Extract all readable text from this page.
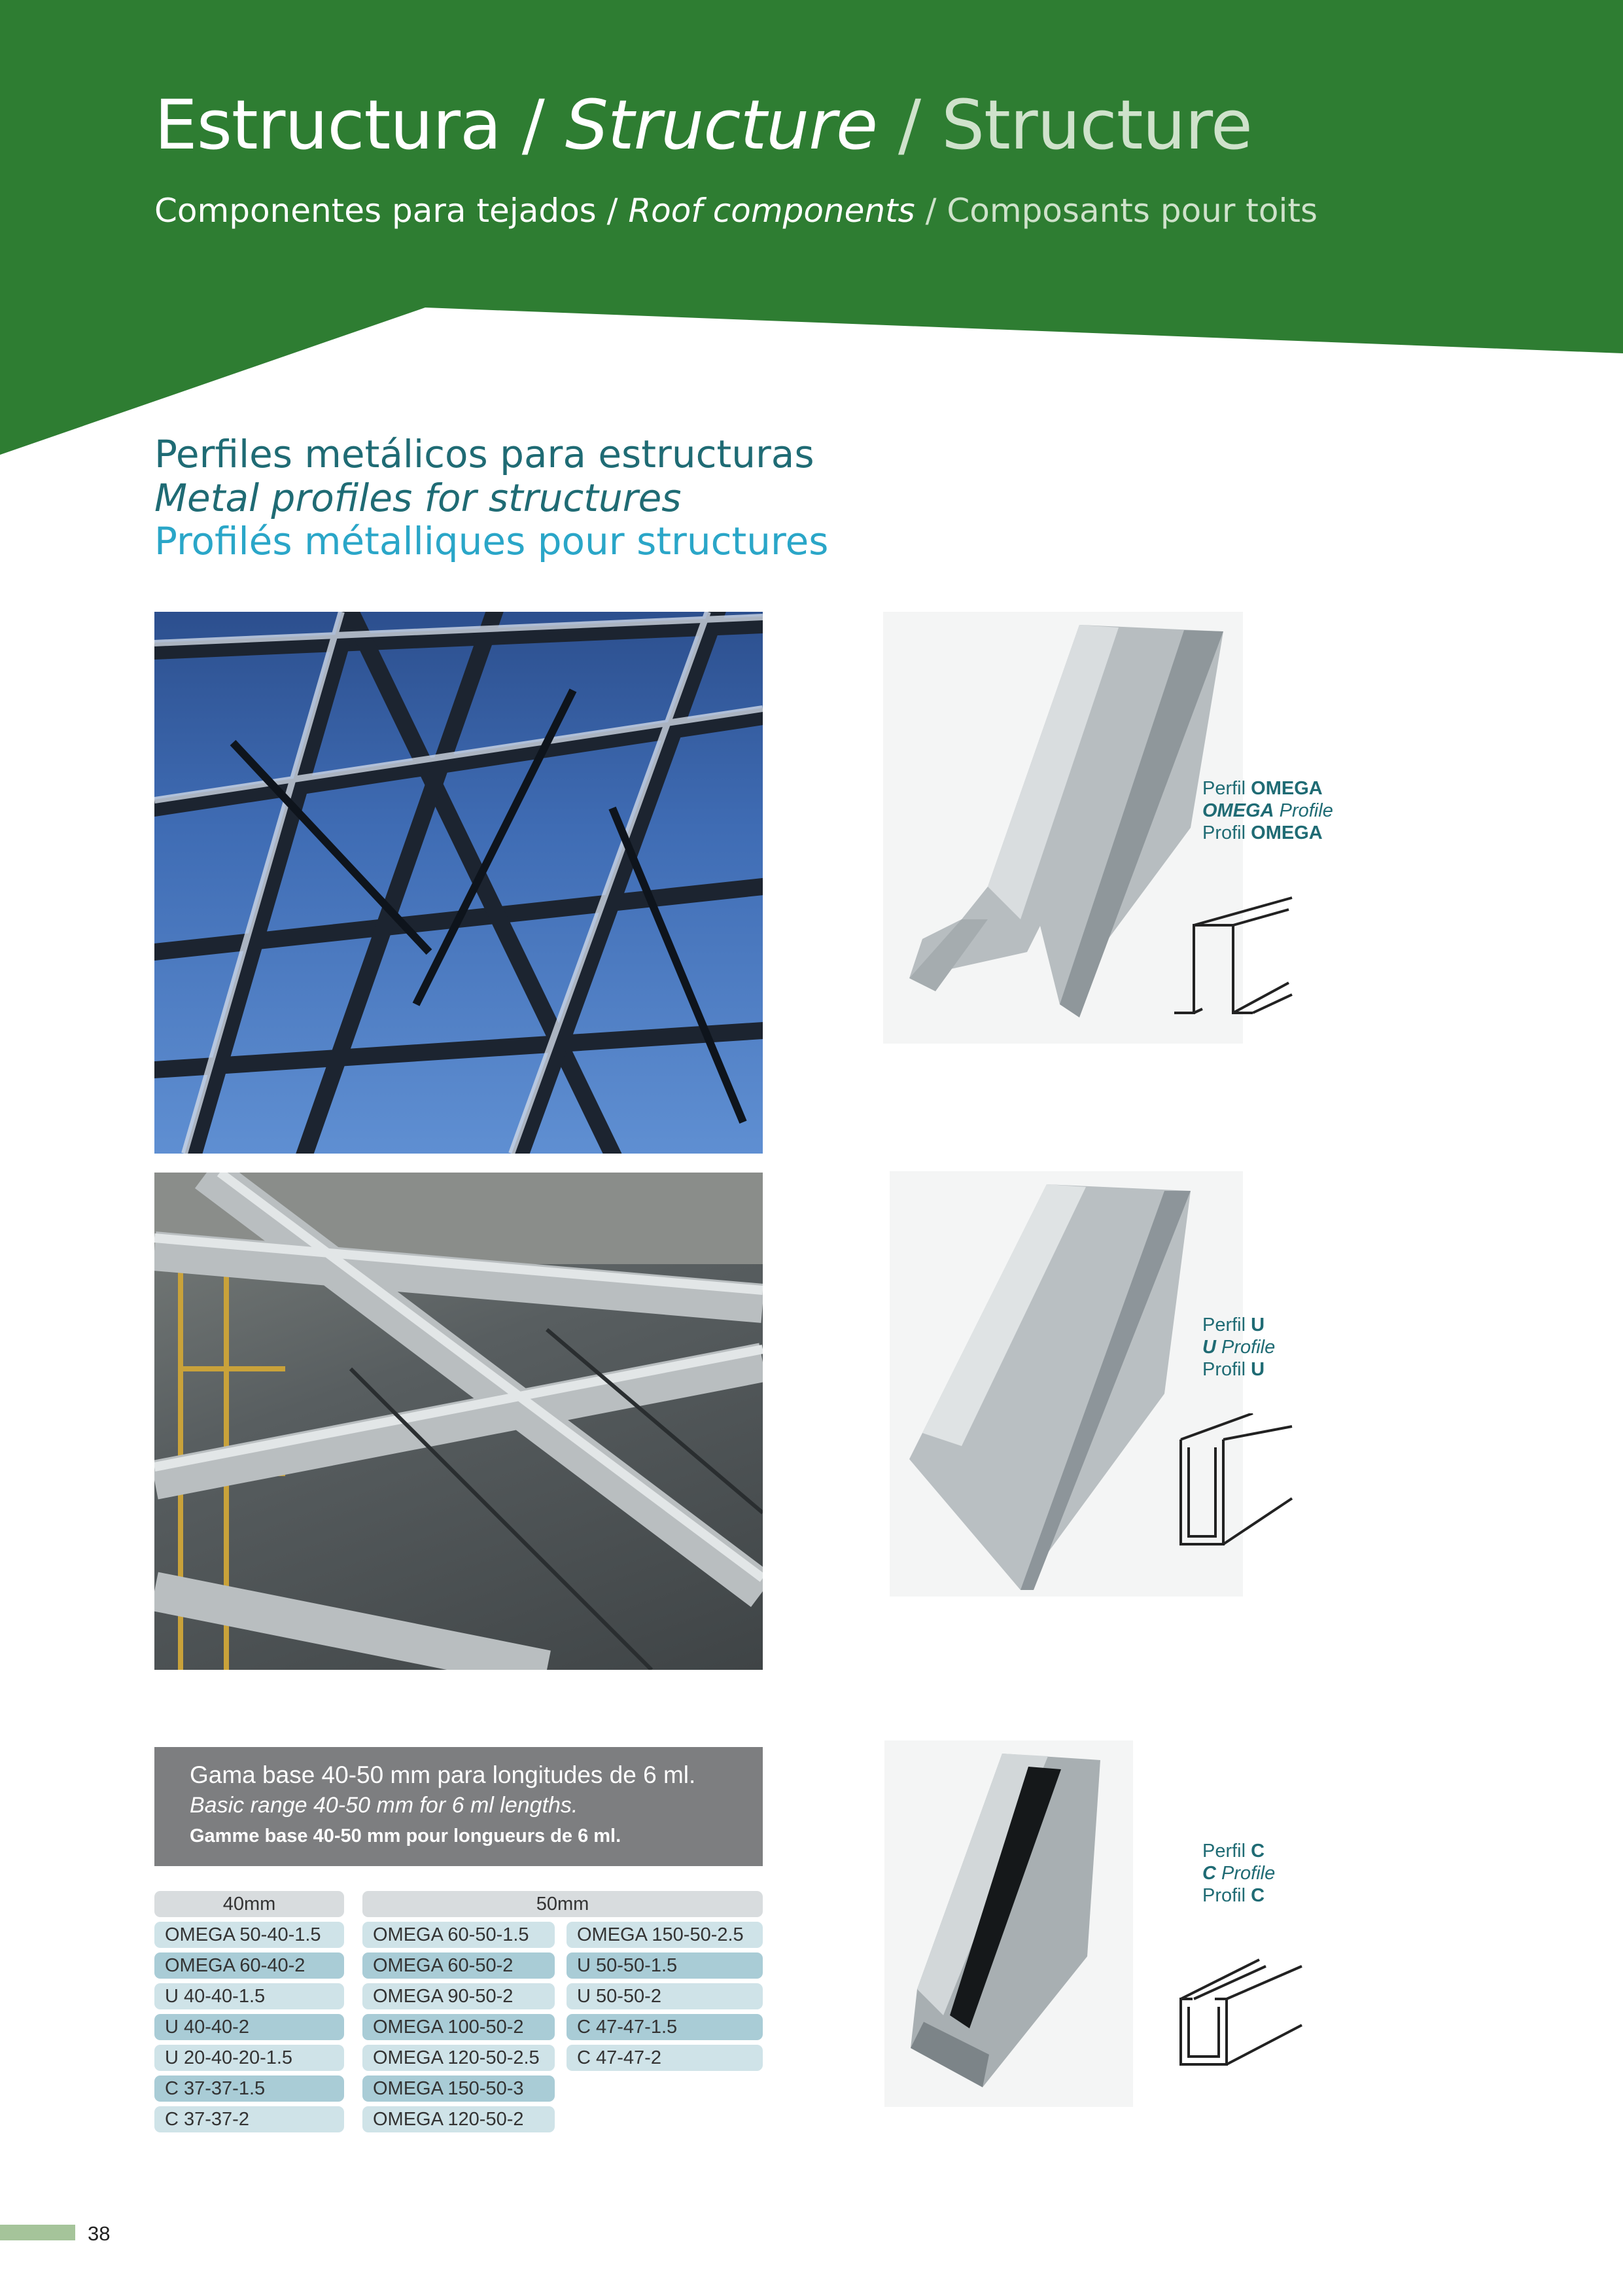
Estructura / Structure / Structure
Componentes para tejados / Roof components / Composants pour toits
Perfiles metálicos para estructuras
Metal profiles for structures
Profilés métalliques pour structures
Perfil OMEGA
OMEGA Profile
Profil OMEGA
Perfil U
U Profile
Profil U
Perfil C
C Profile
Profil C
Gama base 40-50 mm para longitudes de 6 ml.
Basic range 40-50 mm for 6 ml lengths.
Gamme base 40-50 mm pour longueurs de 6 ml.
40mm	50mm
OMEGA 50-40-1.5
OMEGA 60-40-2
U 40-40-1.5
U 40-40-2
U 20-40-20-1.5
C 37-37-1.5
C 37-37-2
OMEGA 60-50-1.5
OMEGA 60-50-2
OMEGA 90-50-2
OMEGA 100-50-2
OMEGA 120-50-2.5
OMEGA 150-50-3
OMEGA 120-50-2
OMEGA 150-50-2.5
U 50-50-1.5
U 50-50-2
C 47-47-1.5
C 47-47-2
38
